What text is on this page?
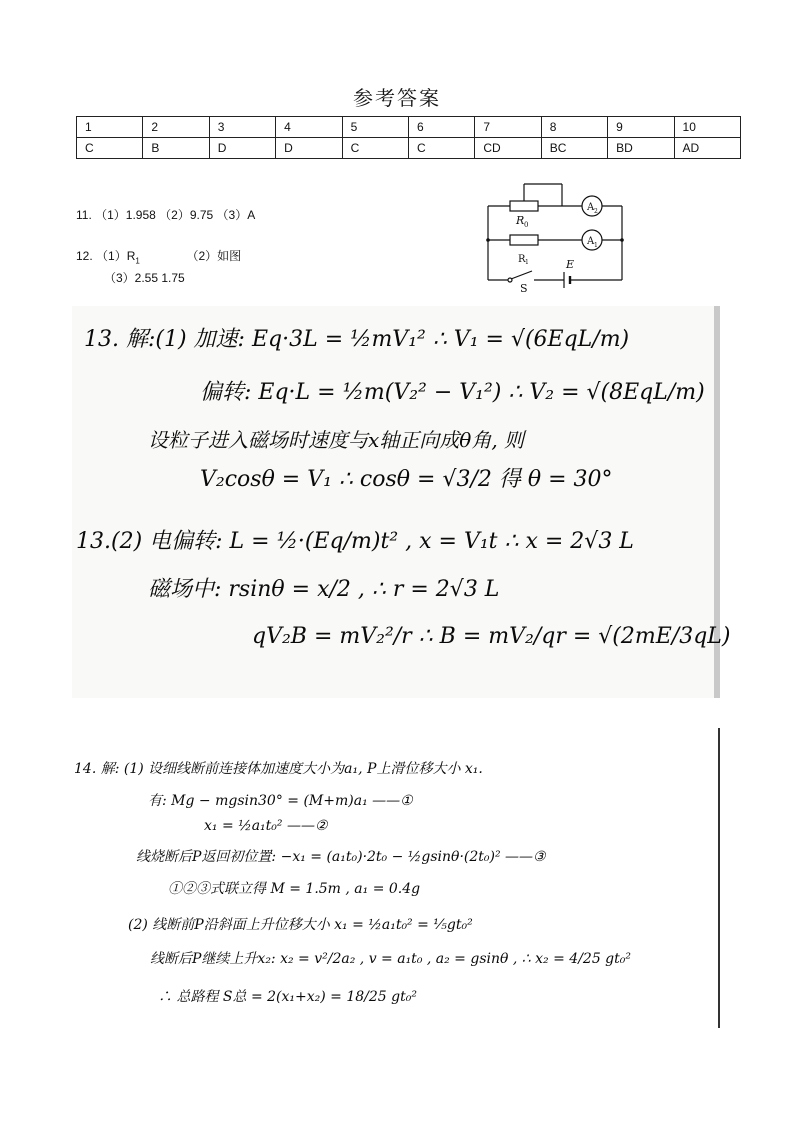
参考答案
1	2	3	4	5	6	7	8	9	10
C	B	D	D	C	C	CD	BC	BD	AD
11. （1）1.958 （2）9.75 （3）A
12. $(1)R_1$	（2）如图
（3）2.55 1.75
R 0
A 2
A 1
R 1	E
S
13. 解:(1) 加速: Eq·3L = ½mV₁² ∴ V₁ = √(6EqL/m)
偏转: Eq·L = ½m(V₂² − V₁²) ∴ V₂ = √(8EqL/m)
设粒子进入磁场时速度与x轴正向成θ角, 则
V₂cosθ = V₁ ∴ cosθ = √3/2 得 θ = 30°
13.(2) 电偏转: L = ½·(Eq/m)t² , x = V₁t ∴ x = 2√3 L
磁场中: rsinθ = x/2 , ∴ r = 2√3 L
qV₂B = mV₂²/r ∴ B = mV₂/qr = √(2mE/3qL)
14. 解: (1) 设细线断前连接体加速度大小为a₁, P上滑位移大小 x₁.
有: Mg − mgsin30° = (M+m)a₁ ——①
x₁ = ½a₁t₀² ——②
线烧断后P返回初位置: −x₁ = (a₁t₀)·2t₀ − ½gsinθ·(2t₀)² ——③
①②③式联立得 M = 1.5m , a₁ = 0.4g
(2) 线断前P沿斜面上升位移大小 x₁ = ½a₁t₀² = ⅕gt₀²
线断后P继续上升x₂: x₂ = v²/2a₂ , v = a₁t₀ , a₂ = gsinθ , ∴ x₂ = 4/25 gt₀²
∴ 总路程 S总 = 2(x₁+x₂) = 18/25 gt₀²
